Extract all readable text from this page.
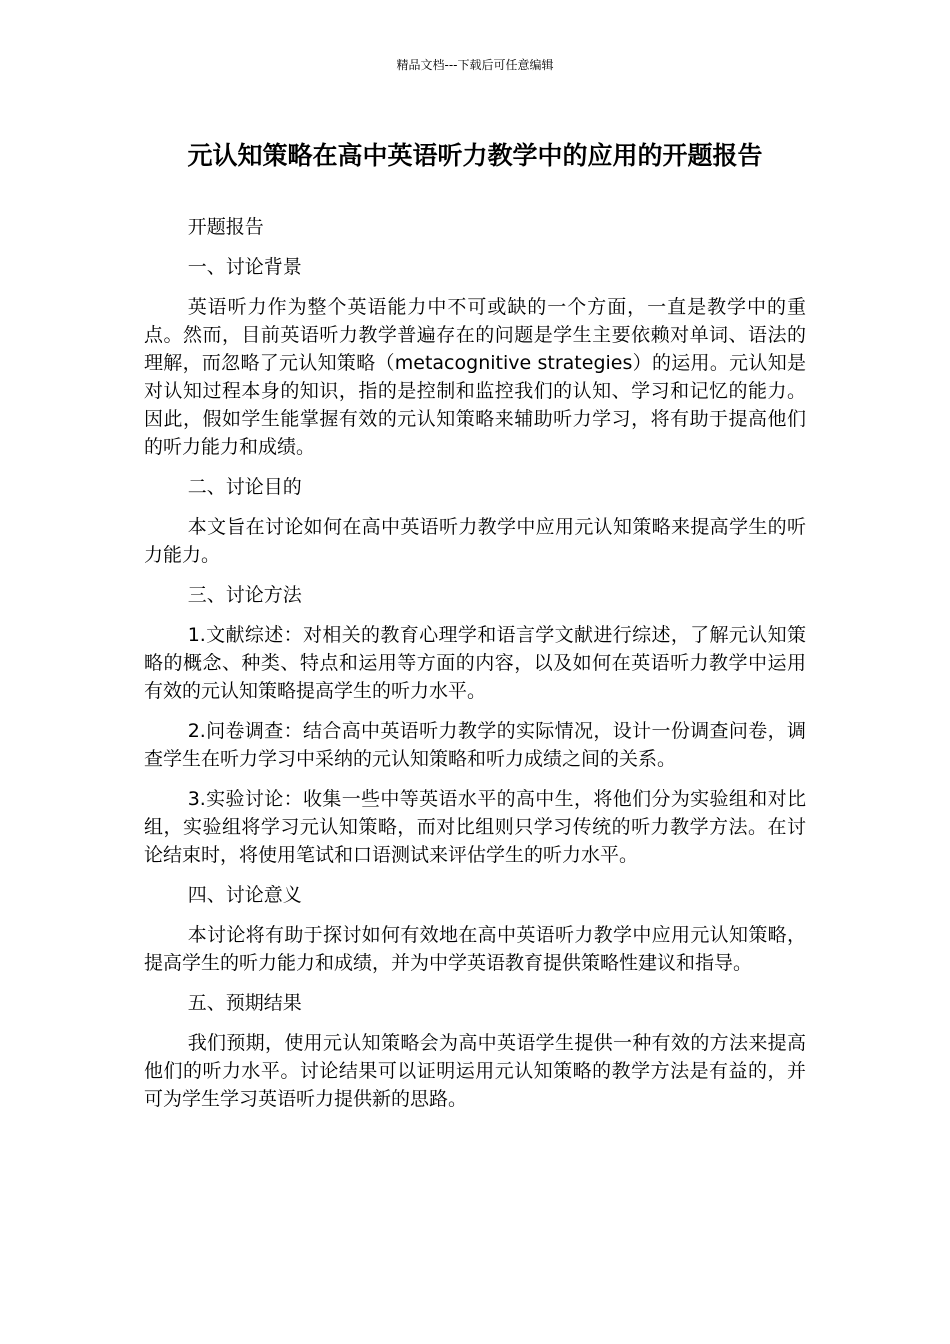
精品文档---下载后可任意编辑
元认知策略在高中英语听力教学中的应用的开题报告

开题报告

一、讨论背景

英语听力作为整个英语能力中不可或缺的一个方面，一直是教学中的重点。然而，目前英语听力教学普遍存在的问题是学生主要依赖对单词、语法的理解，而忽略了元认知策略（metacognitive strategies）的运用。元认知是对认知过程本身的知识，指的是控制和监控我们的认知、学习和记忆的能力。因此，假如学生能掌握有效的元认知策略来辅助听力学习，将有助于提高他们的听力能力和成绩。

二、讨论目的

本文旨在讨论如何在高中英语听力教学中应用元认知策略来提高学生的听力能力。

三、讨论方法

1.文献综述：对相关的教育心理学和语言学文献进行综述，了解元认知策略的概念、种类、特点和运用等方面的内容，以及如何在英语听力教学中运用有效的元认知策略提高学生的听力水平。

2.问卷调查：结合高中英语听力教学的实际情况，设计一份调查问卷，调查学生在听力学习中采纳的元认知策略和听力成绩之间的关系。

3.实验讨论：收集一些中等英语水平的高中生，将他们分为实验组和对比组，实验组将学习元认知策略，而对比组则只学习传统的听力教学方法。在讨论结束时，将使用笔试和口语测试来评估学生的听力水平。

四、讨论意义

本讨论将有助于探讨如何有效地在高中英语听力教学中应用元认知策略，提高学生的听力能力和成绩，并为中学英语教育提供策略性建议和指导。

五、预期结果

我们预期，使用元认知策略会为高中英语学生提供一种有效的方法来提高他们的听力水平。讨论结果可以证明运用元认知策略的教学方法是有益的，并可为学生学习英语听力提供新的思路。
